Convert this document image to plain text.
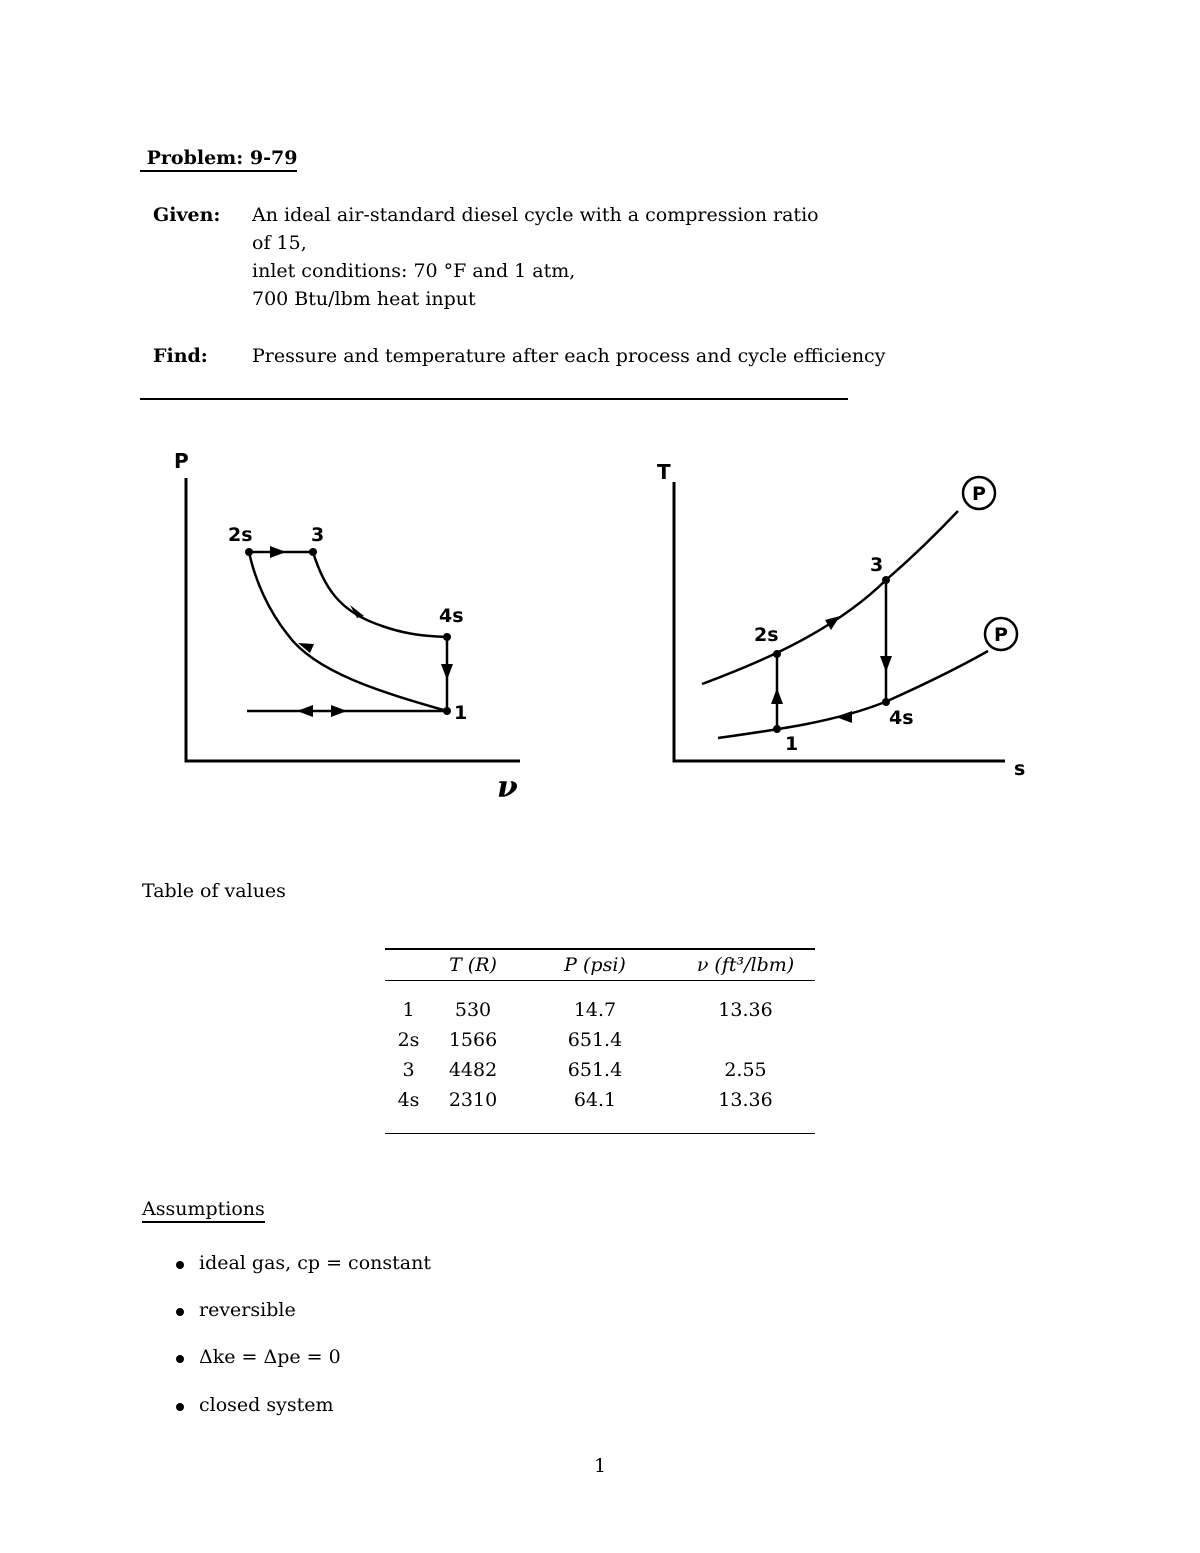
Problem: 9-79
Given: An ideal air-standard diesel cycle with a compression ratio
of 15,
inlet conditions: 70 °F and 1 atm,
700 Btu/lbm heat input
Find: Pressure and temperature after each process and cycle efficiency
P
ν
2s	3
4s
1
T
s
1
2s
3
4s
P
P
Table of values
	T (R)	P (psi)	ν (ft³/lbm)

1	530	14.7	13.36
2s	1566	651.4	
3	4482	651.4	2.55
4s	2310	64.1	13.36

Assumptions
ideal gas, cp = constant
reversible
Δke = Δpe = 0
closed system
1
